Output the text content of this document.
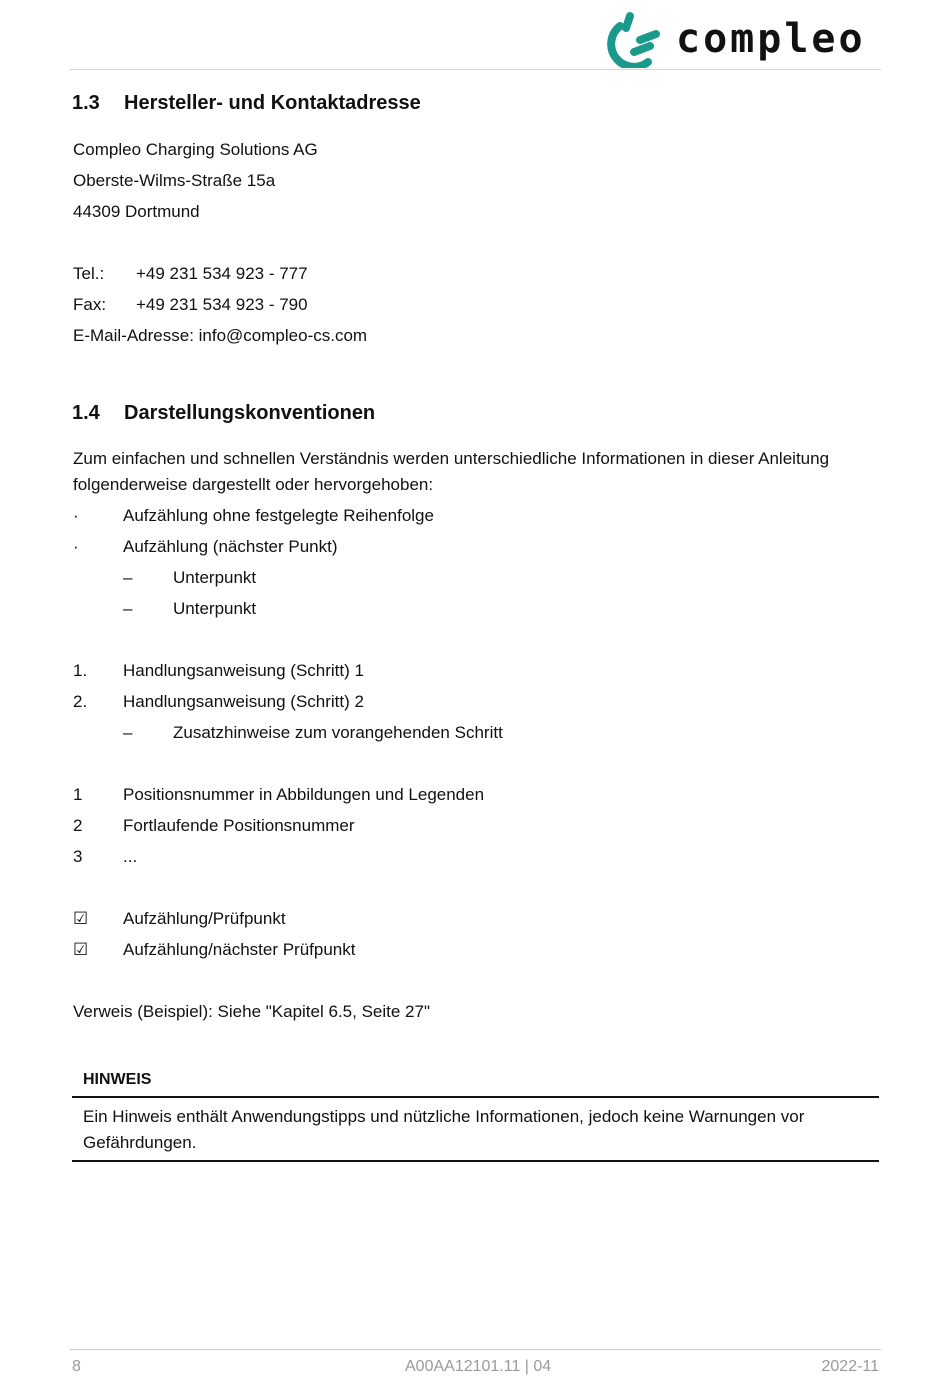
compleo
1.3 Hersteller- und Kontaktadresse

Compleo Charging Solutions AG

Oberste-Wilms-Straße 15a

44309 Dortmund

Tel.: +49 231 534 923 - 777

Fax: +49 231 534 923 - 790

E-Mail-Adresse: info@compleo-cs.com

1.4 Darstellungskonventionen

Zum einfachen und schnellen Verständnis werden unterschiedliche Informationen in dieser Anleitung folgenderweise dargestellt oder hervorgehoben:

·	Aufzählung ohne festgelegte Reihenfolge
·	Aufzählung (nächster Punkt)
– Unterpunkt
– Unterpunkt
1. Handlungsanweisung (Schritt) 1
2. Handlungsanweisung (Schritt) 2
– Zusatzhinweise zum vorangehenden Schritt
1 Positionsnummer in Abbildungen und Legenden
2 Fortlaufende Positionsnummer
3 ...
☑ Aufzählung/Prüfpunkt
☑ Aufzählung/nächster Prüfpunkt

Verweis (Beispiel): Siehe "Kapitel 6.5, Seite 27"

HINWEIS
Ein Hinweis enthält Anwendungstipps und nützliche Informationen, jedoch keine Warnungen vor Gefährdungen.
8	A00AA12101.11 | 04	2022-11
